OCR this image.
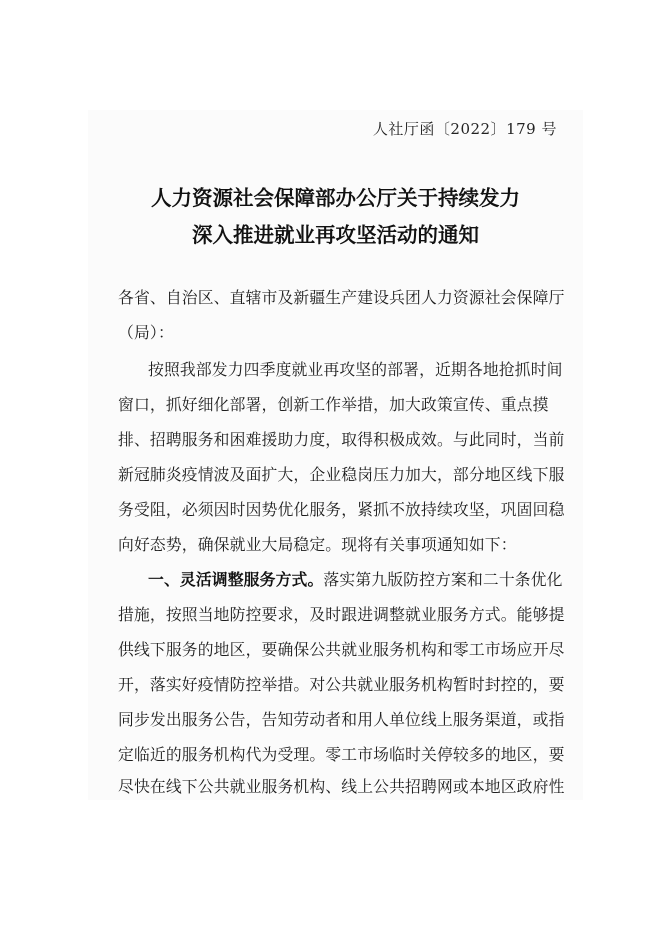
人社厅函〔2022〕179 号
人力资源社会保障部办公厅关于持续发力
深入推进就业再攻坚活动的通知
各省、自治区、直辖市及新疆生产建设兵团人力资源社会保障厅
（局）：
按照我部发力四季度就业再攻坚的部署，近期各地抢抓时间
窗口，抓好细化部署，创新工作举措，加大政策宣传、重点摸
排、招聘服务和困难援助力度，取得积极成效。与此同时，当前
新冠肺炎疫情波及面扩大，企业稳岗压力加大，部分地区线下服
务受阻，必须因时因势优化服务，紧抓不放持续攻坚，巩固回稳
向好态势，确保就业大局稳定。现将有关事项通知如下：
一、灵活调整服务方式。落实第九版防控方案和二十条优化
措施，按照当地防控要求，及时跟进调整就业服务方式。能够提
供线下服务的地区，要确保公共就业服务机构和零工市场应开尽
开，落实好疫情防控举措。对公共就业服务机构暂时封控的，要
同步发出服务公告，告知劳动者和用人单位线上服务渠道，或指
定临近的服务机构代为受理。零工市场临时关停较多的地区，要
尽快在线下公共就业服务机构、线上公共招聘网或本地区政府性
